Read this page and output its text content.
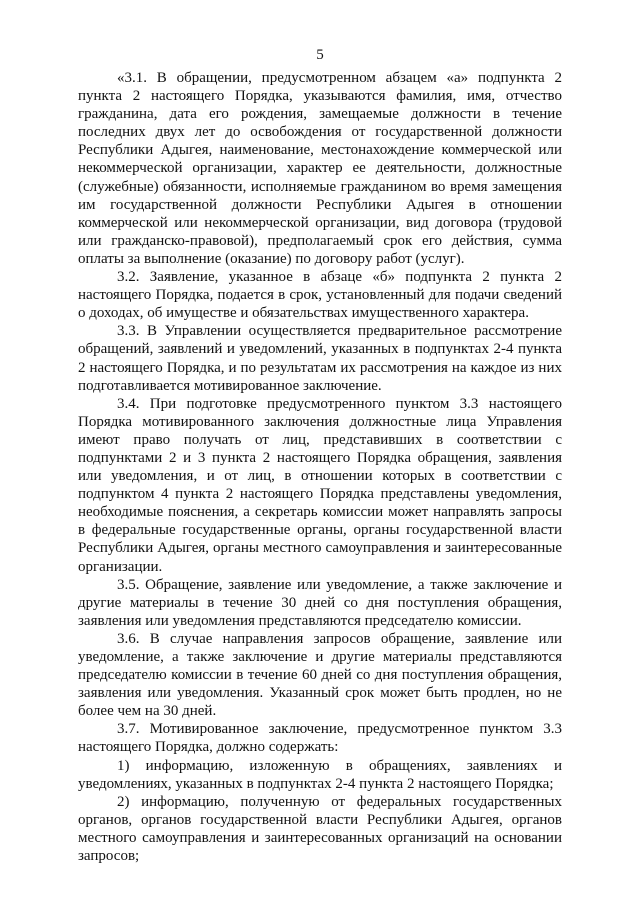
5

«3.1. В обращении, предусмотренном абзацем «а» подпункта 2 пункта 2 настоящего Порядка, указываются фамилия, имя, отчество гражданина, дата его рождения, замещаемые должности в течение последних двух лет до освобождения от государственной должности Республики Адыгея, наименование, местонахождение коммерческой или некоммерческой организации, характер ее деятельности, должностные (служебные) обязанности, исполняемые гражданином во время замещения им государственной должности Республики Адыгея в отношении коммерческой или некоммерческой организации, вид договора (трудовой или гражданско-правовой), предполагаемый срок его действия, сумма оплаты за выполнение (оказание) по договору работ (услуг).

3.2. Заявление, указанное в абзаце «б» подпункта 2 пункта 2 настоящего Порядка, подается в срок, установленный для подачи сведений о доходах, об имуществе и обязательствах имущественного характера.

3.3. В Управлении осуществляется предварительное рассмотрение обращений, заявлений и уведомлений, указанных в подпунктах 2-4 пункта 2 настоящего Порядка, и по результатам их рассмотрения на каждое из них подготавливается мотивированное заключение.

3.4. При подготовке предусмотренного пунктом 3.3 настоящего Порядка мотивированного заключения должностные лица Управления имеют право получать от лиц, представивших в соответствии с подпунктами 2 и 3 пункта 2 настоящего Порядка обращения, заявления или уведомления, и от лиц, в отношении которых в соответствии с подпунктом 4 пункта 2 настоящего Порядка представлены уведомления, необходимые пояснения, а секретарь комиссии может направлять запросы в федеральные государственные органы, органы государственной власти Республики Адыгея, органы местного самоуправления и заинтересованные организации.

3.5. Обращение, заявление или уведомление, а также заключение и другие материалы в течение 30 дней со дня поступления обращения, заявления или уведомления представляются председателю комиссии.

3.6. В случае направления запросов обращение, заявление или уведомление, а также заключение и другие материалы представляются председателю комиссии в течение 60 дней со дня поступления обращения, заявления или уведомления. Указанный срок может быть продлен, но не более чем на 30 дней.

3.7. Мотивированное заключение, предусмотренное пунктом 3.3 настоящего Порядка, должно содержать:

1) информацию, изложенную в обращениях, заявлениях и уведомлениях, указанных в подпунктах 2-4 пункта 2 настоящего Порядка;

2) информацию, полученную от федеральных государственных органов, органов государственной власти Республики Адыгея, органов местного самоуправления и заинтересованных организаций на основании запросов;
